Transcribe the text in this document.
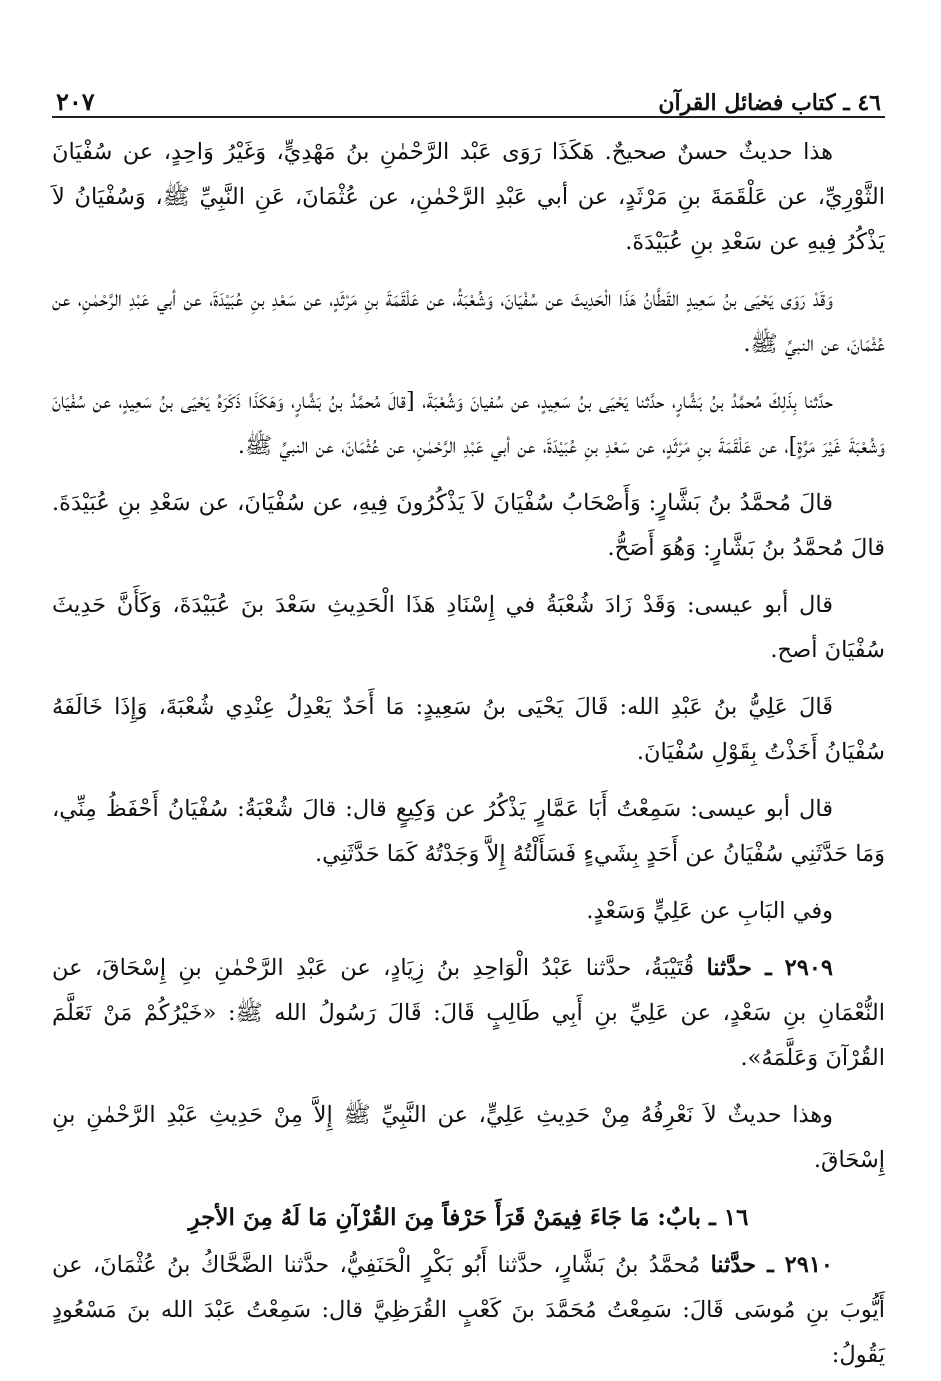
٤٦ ـ كتاب فضائل القرآن
٢٠٧

هذا حديثٌ حسنٌ صحيحٌ. هَكَذَا رَوَى عَبْد الرَّحْمٰنِ بنُ مَهْدِيٍّ، وَغَيْرُ وَاحِدٍ، عن سُفْيَانَ الثَّوْرِيِّ، عن عَلْقَمَةَ بنِ مَرْثَدٍ، عن أبي عَبْدِ الرَّحْمٰنِ، عن عُثْمَانَ، عَنِ النَّبِيِّ ﷺ، وَسُفْيَانُ لاَ يَذْكُرُ فِيهِ عن سَعْدِ بنِ عُبَيْدَةَ.

وَقَدْ رَوَى يَحْيَى بنُ سَعِيدٍ القَطَّانُ هَذَا الْحَدِيثَ عن سُفْيَانَ، وَشُعْبَةُ، عن عَلْقَمَةَ بنِ مَرْثَدٍ، عن سَعْدِ بنِ عُبَيْدَةَ، عن أبي عَبْدِ الرَّحْمٰنِ، عن عُثْمَانَ، عن النبيِّ ﷺ.

حدَّثنا بِذَلِكَ مُحمَّدُ بنُ بَشَّارٍ، حدَّثنا يَحْيَى بنُ سَعِيدٍ، عن سُفيانَ وَشُعْبَةَ، [قالَ مُحمَّدُ بنُ بَشَّارٍ، وَهَكَذَا ذَكَرَهُ يَحْيَى بنُ سَعِيدٍ، عن سُفْيَانَ وَشُعْبَةَ غَيْرَ مَرَّةٍ]، عن عَلْقَمَةَ بنِ مَرْثَدٍ، عن سَعْدِ بنِ عُبَيْدَةَ، عن أبي عَبْدِ الرَّحْمٰنِ، عن عُثْمَانَ، عن النبيِّ ﷺ.

قالَ مُحمَّدُ بنُ بَشَّارٍ: وَأَصْحَابُ سُفْيَانَ لاَ يَذْكُرُونَ فِيهِ، عن سُفْيَانَ، عن سَعْدِ بنِ عُبَيْدَةَ. قالَ مُحمَّدُ بنُ بَشَّارٍ: وَهُوَ أَصَحُّ.

قال أبو عيسى: وَقَدْ زَادَ شُعْبَةُ في إِسْنَادِ هَذَا الْحَدِيثِ سَعْدَ بنَ عُبَيْدَةَ، وَكَأَنَّ حَدِيثَ سُفْيَانَ أصح.

قَالَ عَلِيُّ بنُ عَبْدِ الله: قَالَ يَحْيَى بنُ سَعِيدٍ: مَا أَحَدٌ يَعْدِلُ عِنْدِي شُعْبَةَ، وَإِذَا خَالَفَهُ سُفْيَانُ أَخَذْتُ بِقَوْلِ سُفْيَانَ.

قال أبو عيسى: سَمِعْتُ أَبَا عَمَّارٍ يَذْكُرُ عن وَكِيعٍ قال: قالَ شُعْبَةُ: سُفْيَانُ أَحْفَظُ مِنِّي، وَمَا حَدَّثَنِي سُفْيَانُ عن أَحَدٍ بِشَيءٍ فَسَأَلْتُهُ إِلاَّ وَجَدْتُهُ كَمَا حَدَّثَنِي.

وفي البَابِ عن عَلِيٍّ وَسَعْدٍ.

٢٩٠٩ ـ حدَّثنا قُتَيْبَةُ، حدَّثنا عَبْدُ الْوَاحِدِ بنُ زِيَادٍ، عن عَبْدِ الرَّحْمٰنِ بنِ إِسْحَاقَ، عن النُّعْمَانِ بنِ سَعْدٍ، عن عَلِيِّ بنِ أَبِي طَالِبٍ قَالَ: قَالَ رَسُولُ الله ﷺ: «خَيْرُكُمْ مَنْ تَعَلَّمَ القُرْآنَ وَعَلَّمَهُ».

وهذا حديثٌ لاَ نَعْرِفُهُ مِنْ حَدِيثِ عَلِيٍّ، عن النَّبِيِّ ﷺ إِلاَّ مِنْ حَدِيثِ عَبْدِ الرَّحْمٰنِ بنِ إِسْحَاقَ.

١٦ ـ بابٌ: مَا جَاءَ فِيمَنْ قَرَأَ حَرْفاً مِنَ القُرْآنِ مَا لَهُ مِنَ الأجرِ

٢٩١٠ ـ حدَّثنا مُحمَّدُ بنُ بَشَّارٍ، حدَّثنا أَبُو بَكْرٍ الْحَنَفِيُّ، حدَّثنا الضَّحَّاكُ بنُ عُثْمَانَ، عن أَيُّوبَ بنِ مُوسَى قَالَ: سَمِعْتُ مُحَمَّدَ بنَ كَعْبٍ القُرَظِيَّ قال: سَمِعْتُ عَبْدَ الله بنَ مَسْعُودٍ يَقُولُ:
